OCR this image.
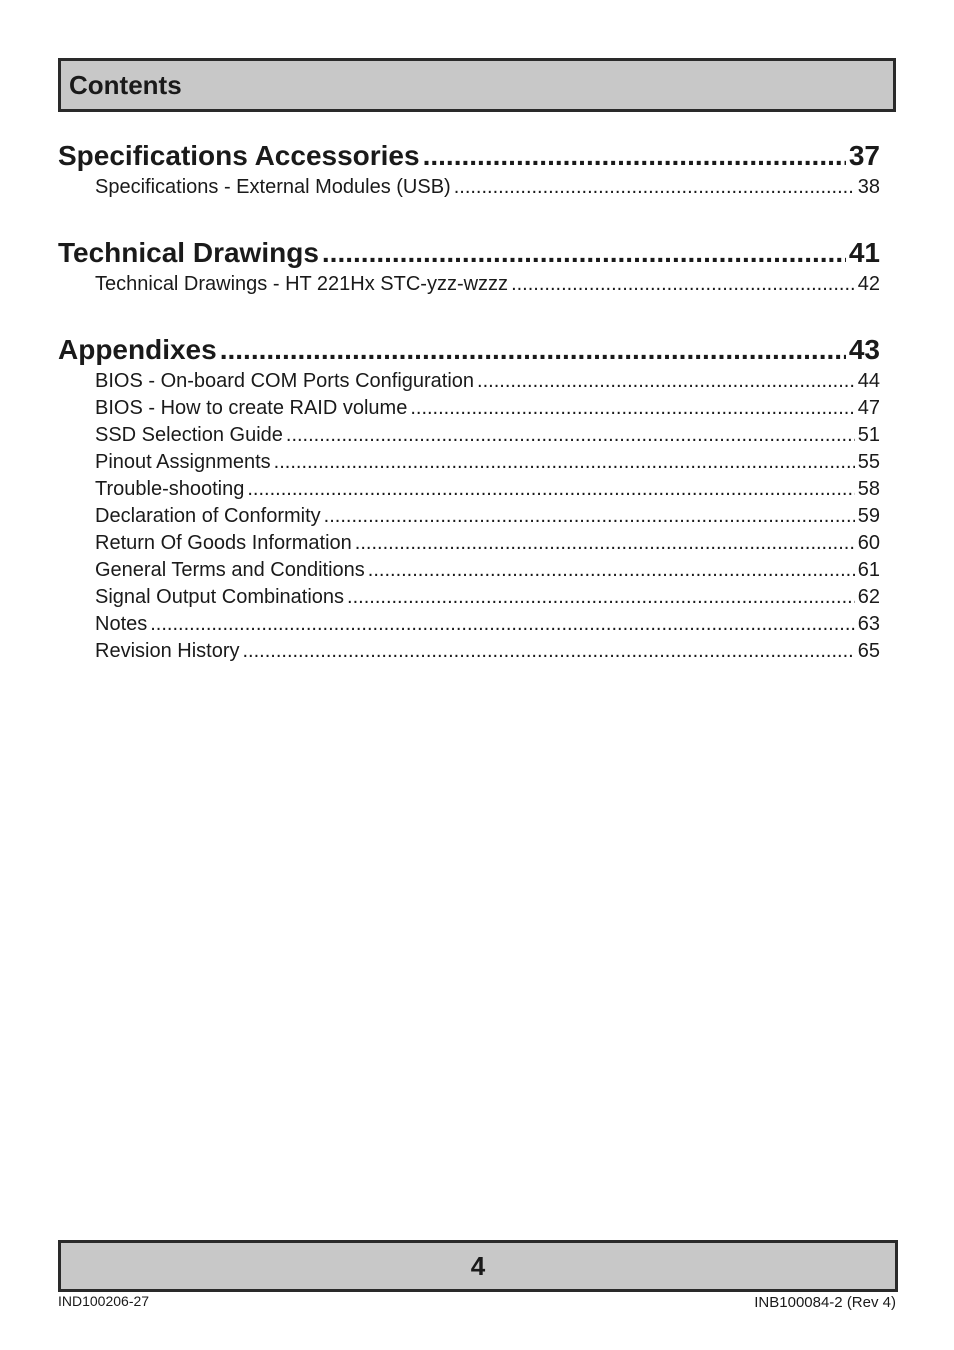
Contents
Specifications Accessories .....	37
Specifications - External Modules (USB) .....	38
Technical Drawings .....	41
Technical Drawings - HT 221Hx STC-yzz-wzzz .....	42
Appendixes .....	43
BIOS - On-board COM Ports Configuration .....	44
BIOS - How to create RAID volume .....	47
SSD Selection Guide .....	51
Pinout Assignments .....	55
Trouble-shooting .....	58
Declaration of Conformity .....	59
Return Of Goods Information .....	60
General Terms and Conditions .....	61
Signal Output Combinations .....	62
Notes .....	63
Revision History .....	65
4
IND100206-27	INB100084-2 (Rev 4)
